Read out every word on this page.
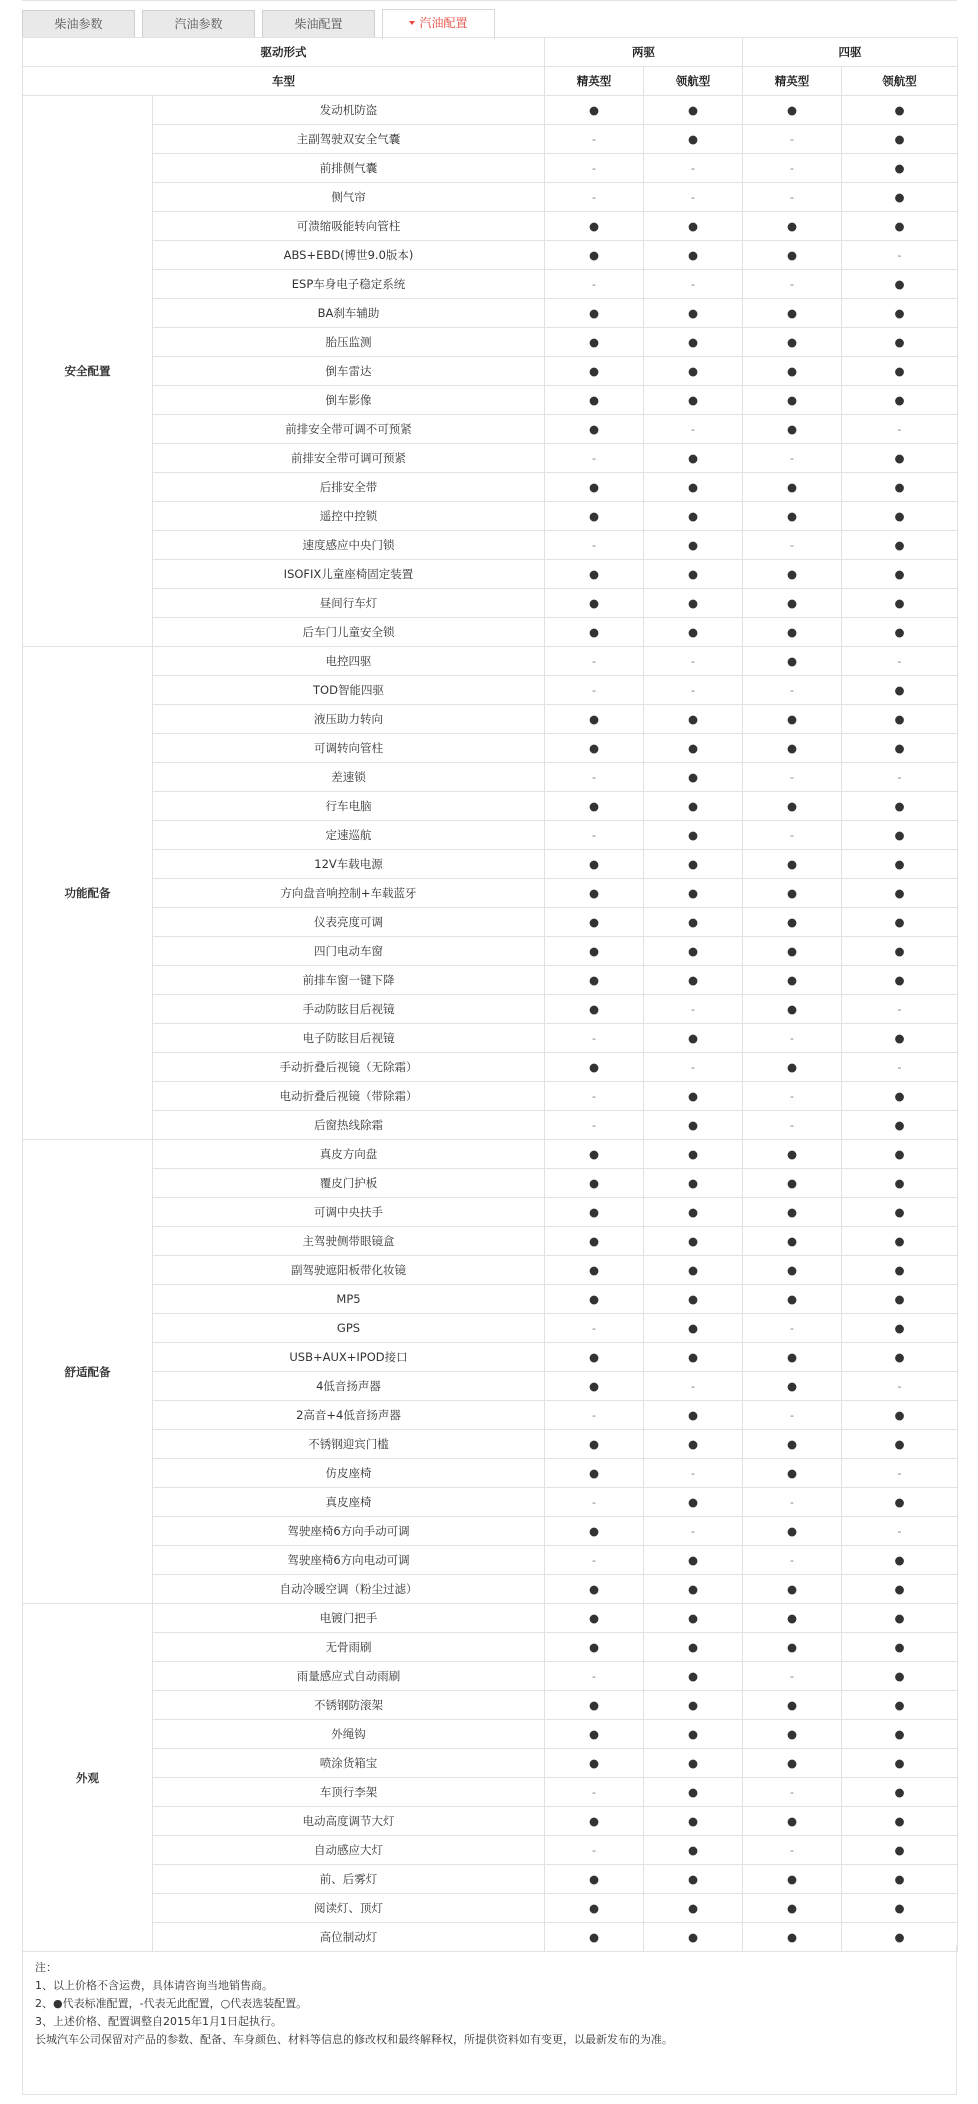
柴油参数	汽油参数	柴油配置	汽油配置
驱动形式		两驱		四驱	
车型		精英型	领航型	精英型	领航型
安全配置	发动机防盗	●	●	●	●
	主副驾驶双安全气囊	-	●	-	●
	前排侧气囊	-	-	-	●
	侧气帘	-	-	-	●
	可溃缩吸能转向管柱	●	●	●	●
	ABS+EBD(博世9.0版本)	●	●	●	-
	ESP车身电子稳定系统	-	-	-	●
	BA刹车辅助	●	●	●	●
	胎压监测	●	●	●	●
	倒车雷达	●	●	●	●
	倒车影像	●	●	●	●
	前排安全带可调不可预紧	●	-	●	-
	前排安全带可调可预紧	-	●	-	●
	后排安全带	●	●	●	●
	遥控中控锁	●	●	●	●
	速度感应中央门锁	-	●	-	●
	ISOFIX儿童座椅固定装置	●	●	●	●
	昼间行车灯	●	●	●	●
	后车门儿童安全锁	●	●	●	●
功能配备	电控四驱	-	-	●	-
	TOD智能四驱	-	-	-	●
	液压助力转向	●	●	●	●
	可调转向管柱	●	●	●	●
	差速锁	-	●	-	-
	行车电脑	●	●	●	●
	定速巡航	-	●	-	●
	12V车载电源	●	●	●	●
	方向盘音响控制+车载蓝牙	●	●	●	●
	仪表亮度可调	●	●	●	●
	四门电动车窗	●	●	●	●
	前排车窗一键下降	●	●	●	●
	手动防眩目后视镜	●	-	●	-
	电子防眩目后视镜	-	●	-	●
	手动折叠后视镜（无除霜）	●	-	●	-
	电动折叠后视镜（带除霜）	-	●	-	●
	后窗热线除霜	-	●	-	●
舒适配备	真皮方向盘	●	●	●	●
	覆皮门护板	●	●	●	●
	可调中央扶手	●	●	●	●
	主驾驶侧带眼镜盒	●	●	●	●
	副驾驶遮阳板带化妆镜	●	●	●	●
	MP5	●	●	●	●
	GPS	-	●	-	●
	USB+AUX+IPOD接口	●	●	●	●
	4低音扬声器	●	-	●	-
	2高音+4低音扬声器	-	●	-	●
	不锈钢迎宾门槛	●	●	●	●
	仿皮座椅	●	-	●	-
	真皮座椅	-	●	-	●
	驾驶座椅6方向手动可调	●	-	●	-
	驾驶座椅6方向电动可调	-	●	-	●
	自动冷暖空调（粉尘过滤）	●	●	●	●
外观	电镀门把手	●	●	●	●
	无骨雨刷	●	●	●	●
	雨量感应式自动雨刷	-	●	-	●
	不锈钢防滚架	●	●	●	●
	外绳钩	●	●	●	●
	喷涂货箱宝	●	●	●	●
	车顶行李架	-	●	-	●
	电动高度调节大灯	●	●	●	●
	自动感应大灯	-	●	-	●
	前、后雾灯	●	●	●	●
	阅读灯、顶灯	●	●	●	●
	高位制动灯	●	●	●	●

注：

1、以上价格不含运费，具体请咨询当地销售商。

2、●代表标准配置，-代表无此配置，○代表选装配置。

3、上述价格、配置调整自2015年1月1日起执行。

长城汽车公司保留对产品的参数、配备、车身颜色、材料等信息的修改权和最终解释权，所提供资料如有变更，以最新发布的为准。
